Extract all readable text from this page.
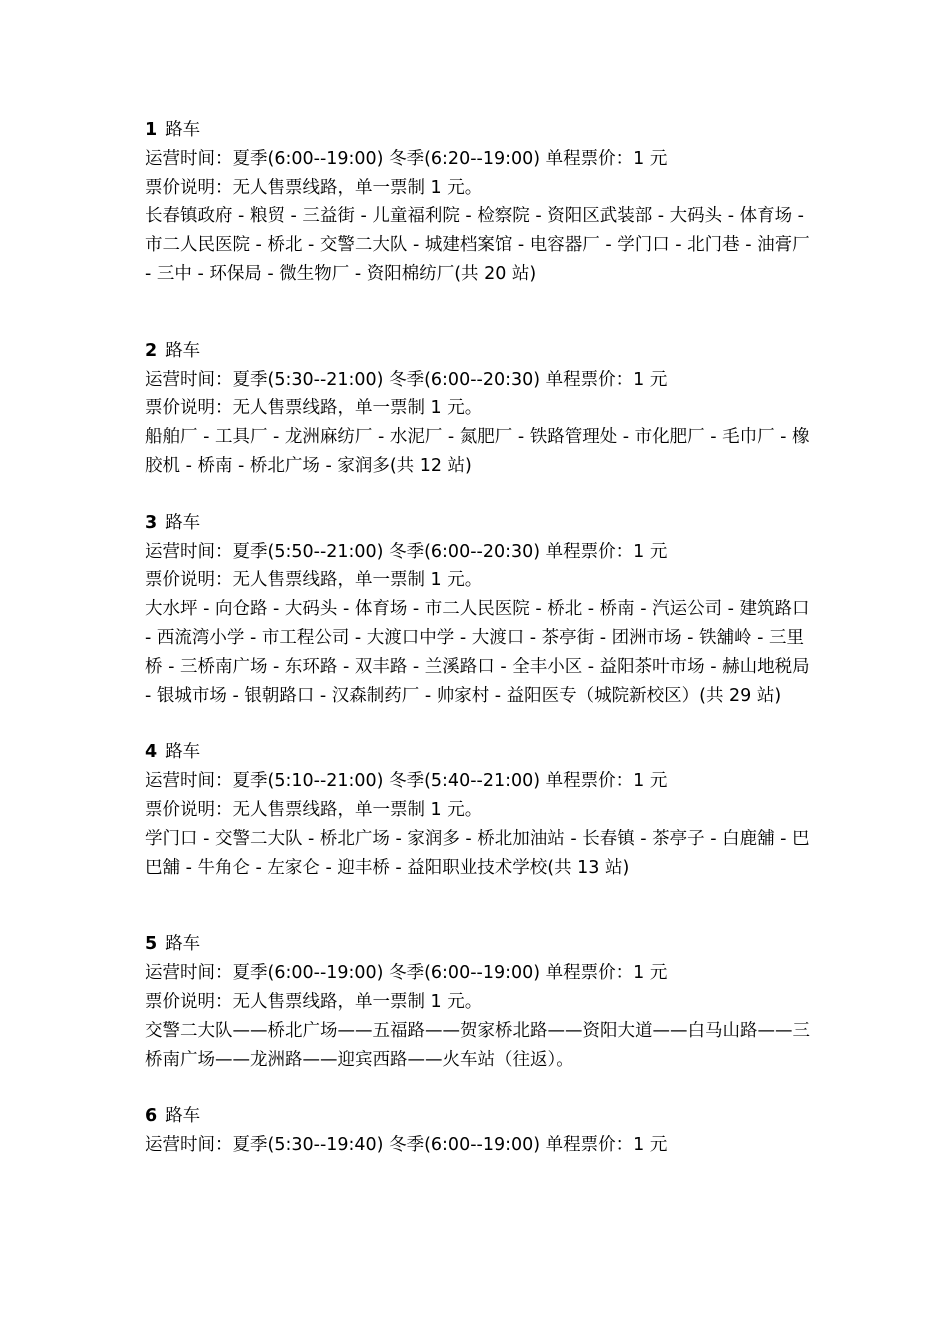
1 路车

运营时间：夏季(6:00--19:00) 冬季(6:20--19:00) 单程票价：1 元

票价说明：无人售票线路，单一票制 1 元。

长春镇政府 - 粮贸 - 三益街 - 儿童福利院 - 检察院 - 资阳区武装部 - 大码头 - 体育场 - 市二人民医院 - 桥北 - 交警二大队 - 城建档案馆 - 电容器厂 - 学门口 - 北门巷 - 油膏厂 - 三中 - 环保局 - 微生物厂 - 资阳棉纺厂(共 20 站)

2 路车

运营时间：夏季(5:30--21:00) 冬季(6:00--20:30) 单程票价：1 元

票价说明：无人售票线路，单一票制 1 元。

船舶厂 - 工具厂 - 龙洲麻纺厂 - 水泥厂 - 氮肥厂 - 铁路管理处 - 市化肥厂 - 毛巾厂 - 橡胶机 - 桥南 - 桥北广场 - 家润多(共 12 站)

3 路车

运营时间：夏季(5:50--21:00) 冬季(6:00--20:30) 单程票价：1 元

票价说明：无人售票线路，单一票制 1 元。

大水坪 - 向仓路 - 大码头 - 体育场 - 市二人民医院 - 桥北 - 桥南 - 汽运公司 - 建筑路口 - 西流湾小学 - 市工程公司 - 大渡口中学 - 大渡口 - 茶亭街 - 团洲市场 - 铁舖岭 - 三里桥 - 三桥南广场 - 东环路 - 双丰路 - 兰溪路口 - 全丰小区 - 益阳茶叶市场 - 赫山地税局 - 银城市场 - 银朝路口 - 汉森制药厂 - 帅家村 - 益阳医专（城院新校区）(共 29 站)

4 路车

运营时间：夏季(5:10--21:00) 冬季(5:40--21:00) 单程票价：1 元

票价说明：无人售票线路，单一票制 1 元。

学门口 - 交警二大队 - 桥北广场 - 家润多 - 桥北加油站 - 长春镇 - 茶亭子 - 白鹿舖 - 巴巴舖 - 牛角仑 - 左家仑 - 迎丰桥 - 益阳职业技术学校(共 13 站)

5 路车

运营时间：夏季(6:00--19:00) 冬季(6:00--19:00) 单程票价：1 元

票价说明：无人售票线路，单一票制 1 元。

交警二大队——桥北广场——五福路——贺家桥北路——资阳大道——白马山路——三桥南广场——龙洲路——迎宾西路——火车站（往返）。

6 路车

运营时间：夏季(5:30--19:40) 冬季(6:00--19:00) 单程票价：1 元
